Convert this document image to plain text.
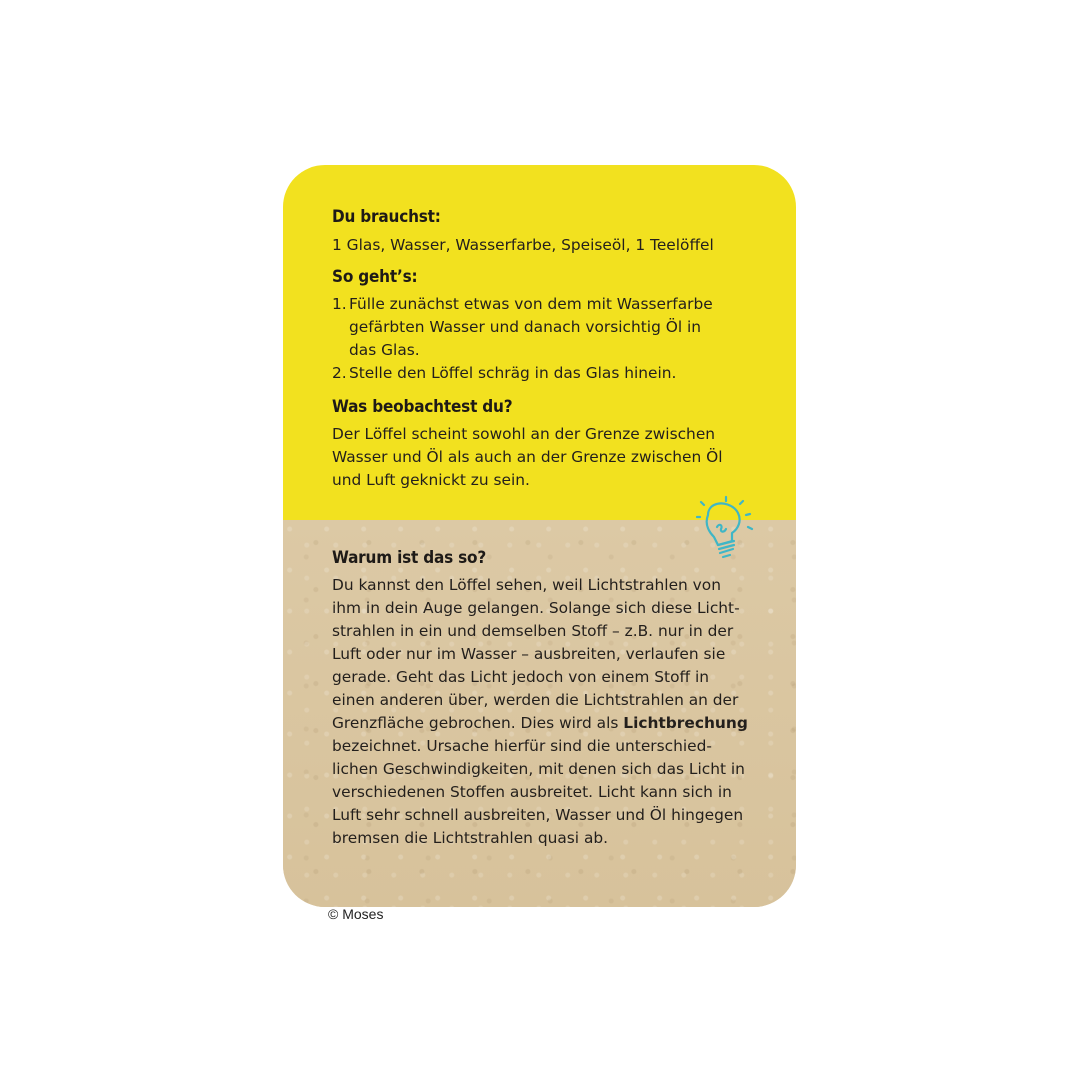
Du brauchst:

1 Glas, Wasser, Wasserfarbe, Speiseöl, 1 Teelöffel

So geht’s:
1. Fülle zunächst etwas von dem mit Wasserfarbe
gefärbten Wasser und danach vorsichtig Öl in
das Glas.
2. Stelle den Löffel schräg in das Glas hinein.
Was beobachtest du?
Der Löffel scheint sowohl an der Grenze zwischen
Wasser und Öl als auch an der Grenze zwischen Öl
und Luft geknickt zu sein.
Warum ist das so?
Du kannst den Löffel sehen, weil Lichtstrahlen von
ihm in dein Auge gelangen. Solange sich diese Licht-
strahlen in ein und demselben Stoff – z.B. nur in der
Luft oder nur im Wasser – ausbreiten, verlaufen sie
gerade. Geht das Licht jedoch von einem Stoff in
einen anderen über, werden die Lichtstrahlen an der
Grenzfläche gebrochen. Dies wird als Lichtbrechung
bezeichnet. Ursache hierfür sind die unterschied-
lichen Geschwindigkeiten, mit denen sich das Licht in
verschiedenen Stoffen ausbreitet. Licht kann sich in
Luft sehr schnell ausbreiten, Wasser und Öl hingegen
bremsen die Lichtstrahlen quasi ab.
© Moses
